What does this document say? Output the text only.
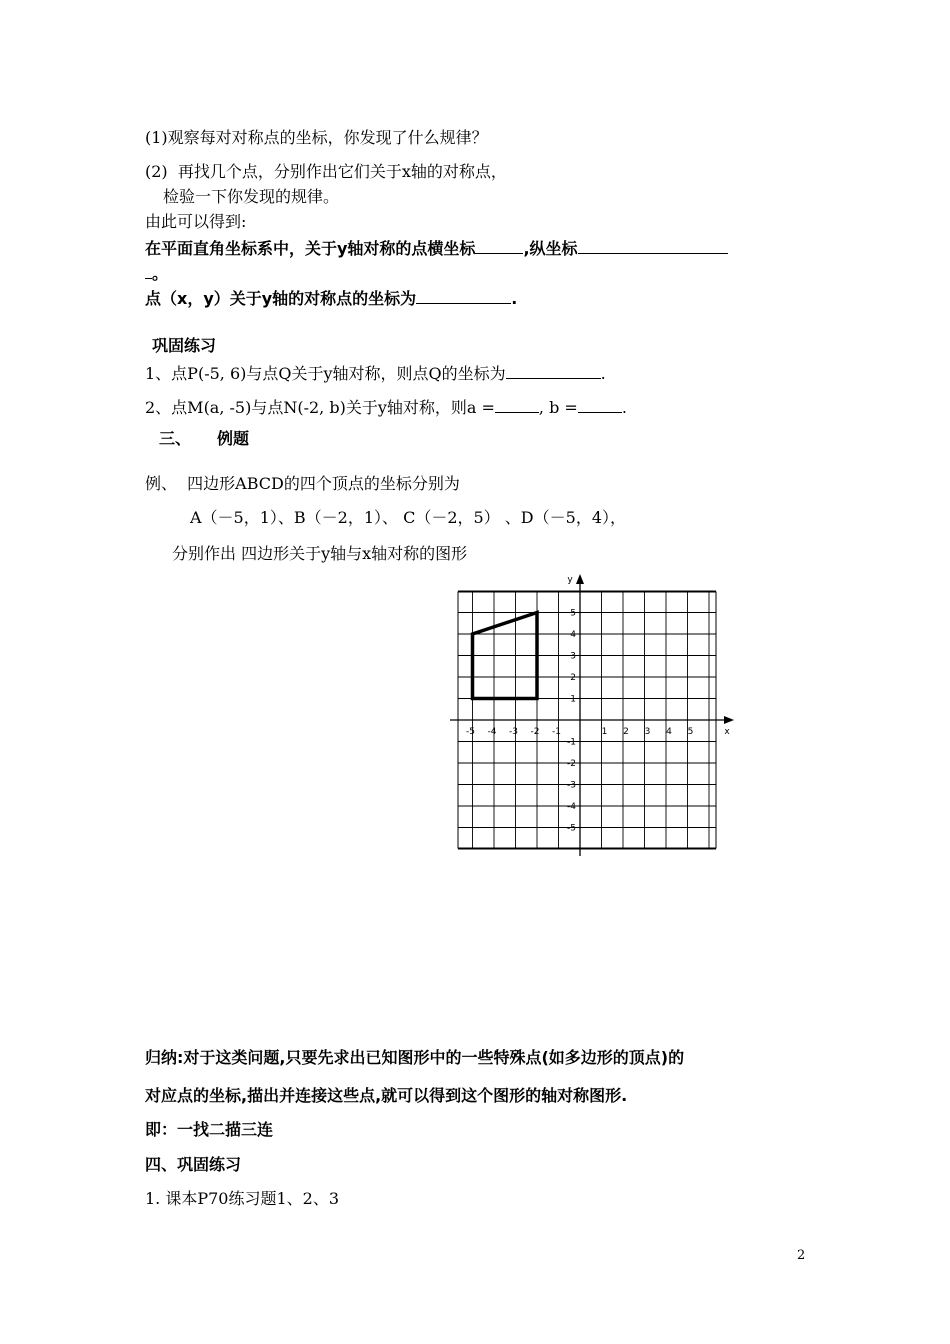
(1)观察每对对称点的坐标，你发现了什么规律？
(2)  再找几个点，分别作出它们关于x轴的对称点，
检验一下你发现的规律。
由此可以得到:
在平面直角坐标系中，关于y轴对称的点横坐标	,纵坐标
。
点（x，y）关于y轴的对称点的坐标为	.
巩固练习
1、点P(-5, 6)与点Q关于y轴对称，则点Q的坐标为	.
2、点M(a, -5)与点N(-2, b)关于y轴对称，则a =	, b =	.
三、 例题
例、  四边形ABCD的四个顶点的坐标分别为
A（－5，1）、B（－2，1）、 C（－2，5） 、D（－5，4），
分别作出 四边形关于y轴与x轴对称的图形
-5 -4 -3 -2 -1	1 2 3 4 5
1
2
3
4
5
-1
-2
-3
-4
-5
x
y
归纳:对于这类问题,只要先求出已知图形中的一些特殊点(如多边形的顶点)的
对应点的坐标,描出并连接这些点,就可以得到这个图形的轴对称图形.
即：一找二描三连
四、巩固练习
1. 课本P70练习题1、2、3
2
